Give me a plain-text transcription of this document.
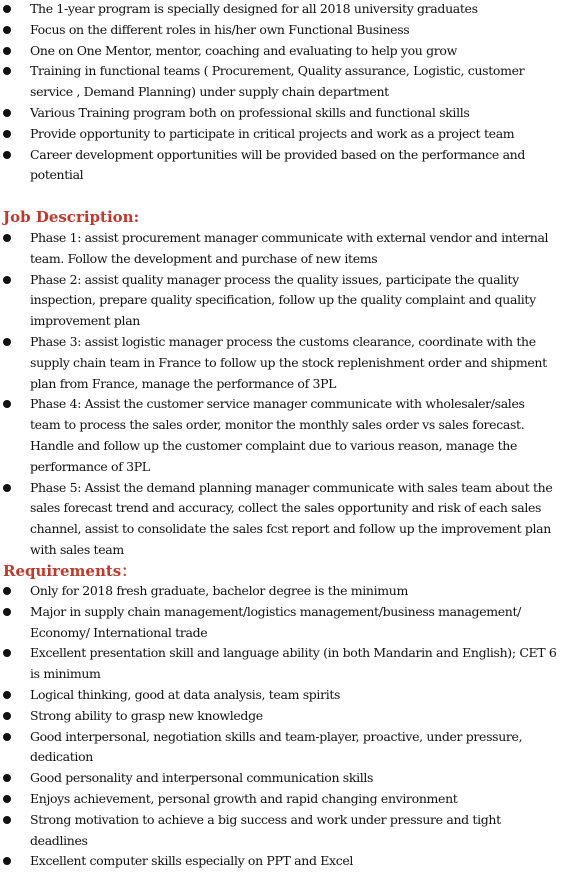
The 1-year program is specially designed for all 2018 university graduates
Focus on the different roles in his/her own Functional Business
One on One Mentor, mentor, coaching and evaluating to help you grow
Training in functional teams ( Procurement, Quality assurance, Logistic, customer service , Demand Planning) under supply chain department
Various Training program both on professional skills and functional skills
Provide opportunity to participate in critical projects and work as a project team
Career development opportunities will be provided based on the performance and potential
Job Description:
Phase 1: assist procurement manager communicate with external vendor and internal team. Follow the development and purchase of new items
Phase 2: assist quality manager process the quality issues, participate the quality inspection, prepare quality specification, follow up the quality complaint and quality improvement plan
Phase 3: assist logistic manager process the customs clearance, coordinate with the supply chain team in France to follow up the stock replenishment order and shipment plan from France, manage the performance of 3PL
Phase 4: Assist the customer service manager communicate with wholesaler/sales team to process the sales order, monitor the monthly sales order vs sales forecast. Handle and follow up the customer complaint due to various reason, manage the performance of 3PL
Phase 5: Assist the demand planning manager communicate with sales team about the sales forecast trend and accuracy, collect the sales opportunity and risk of each sales channel, assist to consolidate the sales fcst report and follow up the improvement plan with sales team
Requirements：
Only for 2018 fresh graduate, bachelor degree is the minimum
Major in supply chain management/logistics management/business management/ Economy/ International trade
Excellent presentation skill and language ability (in both Mandarin and English); CET 6 is minimum
Logical thinking, good at data analysis, team spirits
Strong ability to grasp new knowledge
Good interpersonal, negotiation skills and team-player, proactive, under pressure, dedication
Good personality and interpersonal communication skills
Enjoys achievement, personal growth and rapid changing environment
Strong motivation to achieve a big success and work under pressure and tight deadlines
Excellent computer skills especially on PPT and Excel
